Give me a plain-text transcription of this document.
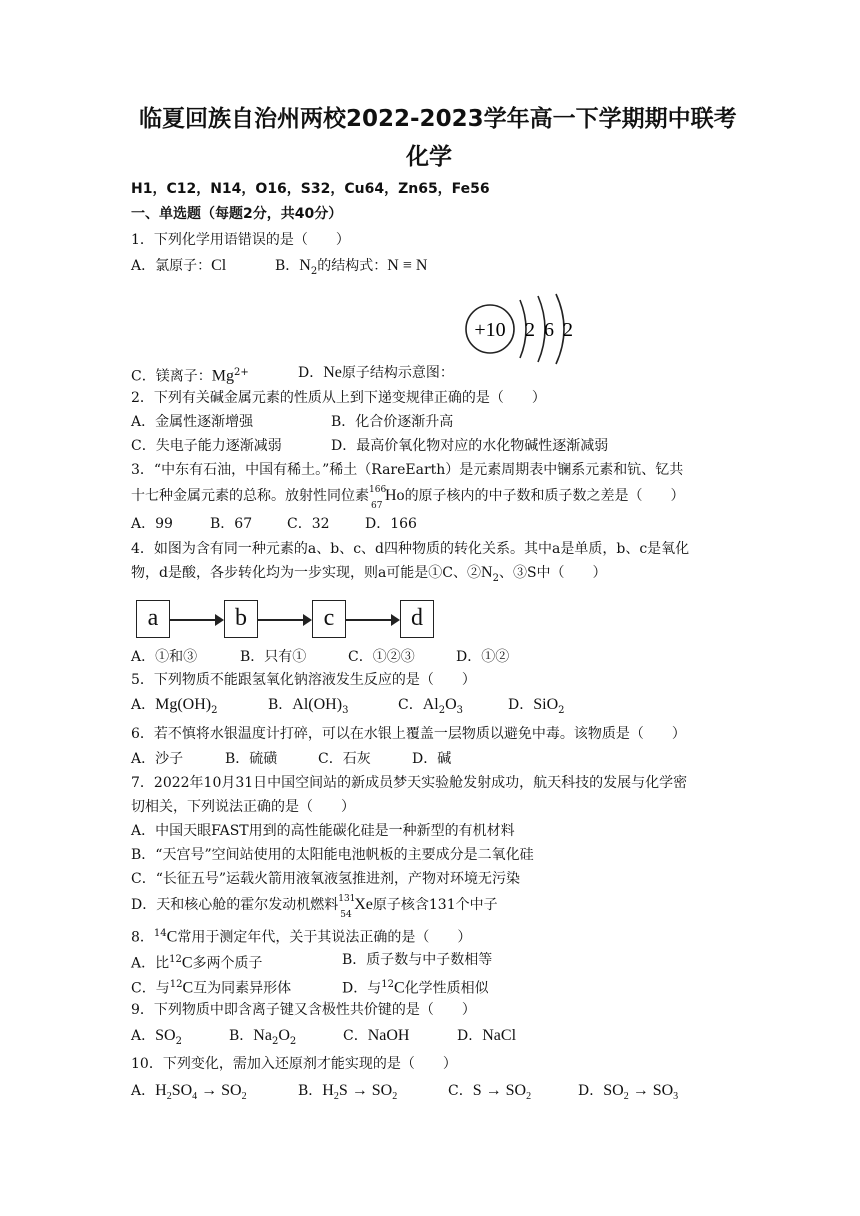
临夏回族自治州两校2022-2023学年高一下学期期中联考
化学
H1，C12，N14，O16，S32，Cu64，Zn65，Fe56
一、单选题（每题2分，共40分）
1．下列化学用语错误的是（　　）
A．氯原子：Cl	B．$N_2$的结构式：N ≡ N
+10 2 6 2
C．镁离子：$Mg^{2+}$	D．Ne原子结构示意图：
2．下列有关碱金属元素的性质从上到下递变规律正确的是（　　）
A．金属性逐渐增强	B．化合价逐渐升高
C．失电子能力逐渐减弱	D．最高价氧化物对应的水化物碱性逐渐减弱
3．“中东有石油，中国有稀土。”稀土（RareEarth）是元素周期表中镧系元素和钪、钇共
十七种金属元素的总称。放射性同位素 166
67
Ho的原子核内的中子数和质子数之差是（　　）
A．99	B．67 C．32	D．166
4．如图为含有同一种元素的a、b、c、d四种物质的转化关系。其中a是单质，b、c是氧化
物，d是酸，各步转化均为一步实现，则a可能是①C、$②N_2$、③S中（　　）
a	b	c	d
A．①和③	B．只有①	C．①②③	D．①②
5．下列物质不能跟氢氧化钠溶液发生反应的是（　　）
A．$Mg(OH)_2$	B．$Al(OH)_3$	C．$Al_2O_3$	D．SiO$_2$
6．若不慎将水银温度计打碎，可以在水银上覆盖一层物质以避免中毒。该物质是（　　）
A．沙子	B．硫磺	C．石灰	D．碱
7．2022年10月31日中国空间站的新成员梦天实验舱发射成功，航天科技的发展与化学密
切相关，下列说法正确的是（　　）
A．中国天眼FAST用到的高性能碳化硅是一种新型的有机材料
B．“天宫号”空间站使用的太阳能电池帆板的主要成分是二氧化硅
C．“长征五号”运载火箭用液氧液氢推进剂，产物对环境无污染
D．天和核心舱的霍尔发动机燃料 131
54
Xe原子核含131个中子
8．$^{14}$C常用于测定年代，关于其说法正确的是（　　）
A．比$^{12}$C多两个质子	B．质子数与中子数相等
C．与$^{12}$C互为同素异形体	D．与$^{12}$C化学性质相似
9．下列物质中即含离子键又含极性共价键的是（　　）
A．$SO_2$	B．$Na_2O_2$	C．NaOH	D．NaCl
10．下列变化，需加入还原剂才能实现的是（　　）
A．$H_2SO_4 \to SO_2$	B．$H_2S \to SO_2$	C．$S \to SO_2$	D．$SO_2 \to SO_3$
